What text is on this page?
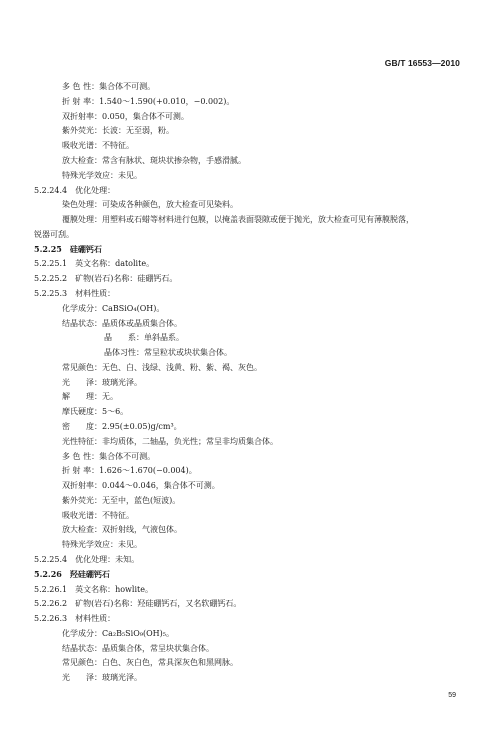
GB/T 16553—2010
多 色 性：集合体不可测。
折 射 率：1.540～1.590(+0.010，−0.002)。
双折射率：0.050，集合体不可测。
紫外荧光：长波：无至弱，粉。
吸收光谱：不特征。
放大检查：常含有脉状、斑块状掺杂物，手感滑腻。
特殊光学效应：未见。
5.2.24.4　优化处理：
染色处理：可染成各种颜色，放大检查可见染料。
覆膜处理：用塑料或石蜡等材料进行包膜，以掩盖表面裂隙或便于抛光，放大检查可见有薄膜脱落，
锐器可刮。
5.2.25　硅硼钙石
5.2.25.1　英文名称：datolite。
5.2.25.2　矿物(岩石)名称：硅硼钙石。
5.2.25.3　材料性质：
化学成分：CaBSiO₄(OH)。
结晶状态：晶质体或晶质集合体。
晶　　系：单斜晶系。
晶体习性：常呈粒状或块状集合体。
常见颜色：无色、白、浅绿、浅黄、粉、紫、褐、灰色。
光　　泽：玻璃光泽。
解　　理：无。
摩氏硬度：5～6。
密　　度：2.95(±0.05)g/cm³。
光性特征：非均质体，二轴晶，负光性；常呈非均质集合体。
多 色 性：集合体不可测。
折 射 率：1.626～1.670(−0.004)。
双折射率：0.044～0.046，集合体不可测。
紫外荧光：无至中，蓝色(短波)。
吸收光谱：不特征。
放大检查：双折射线，气液包体。
特殊光学效应：未见。
5.2.25.4　优化处理：未知。
5.2.26　羟硅硼钙石
5.2.26.1　英文名称：howlite。
5.2.26.2　矿物(岩石)名称：羟硅硼钙石，又名软硼钙石。
5.2.26.3　材料性质：
化学成分：Ca₂B₅SiO₉(OH)₅。
结晶状态：晶质集合体，常呈块状集合体。
常见颜色：白色、灰白色，常具深灰色和黑网脉。
光　　泽：玻璃光泽。
59
